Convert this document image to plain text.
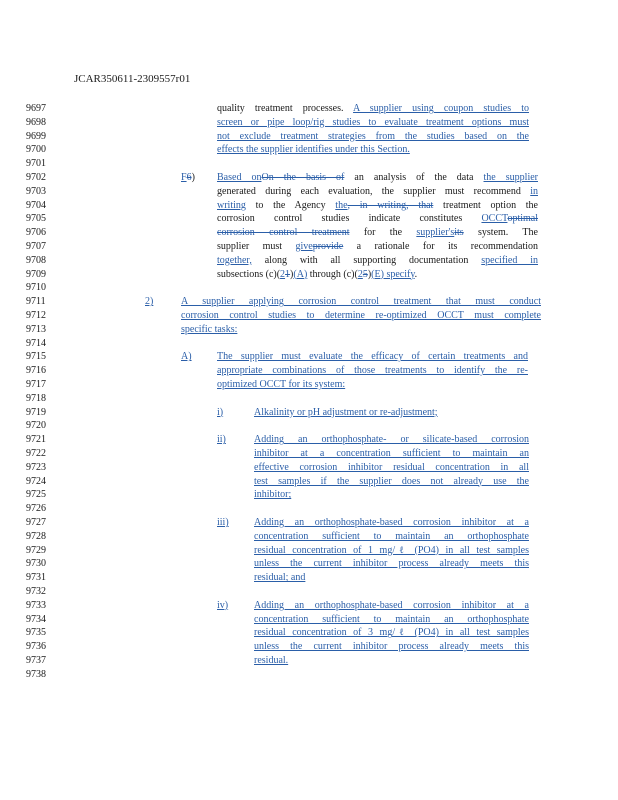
JCAR350611-2309557r01
9697
9698
9699
9700
9701
9702
9703
9704
9705
9706
9707
9708
9709
9710
9711
9712
9713
9714
9715
9716
9717
9718
9719
9720
9721
9722
9723
9724
9725
9726
9727
9728
9729
9730
9731
9732
9733
9734
9735
9736
9737
9738
quality treatment processes. A supplier using coupon studies to
screen or pipe loop/rig studies to evaluate treatment options must
not exclude treatment strategies from the studies based on the
effects the supplier identifies under this Section.
F6) Based onOn the basis of an analysis of the data the supplier
generated during each evaluation, the supplier must recommend in
writing to the Agency the, in writing, that treatment option the
corrosion control studies indicate constitutes OCCToptimal
corrosion control treatment for the supplier'sits system. The
supplier must giveprovide a rationale for its recommendation
together, along with all supporting documentation specified in
subsections (c)(21)(A) through (c)(25)(E) specify.
2)	A supplier applying corrosion control treatment that must conduct
corrosion control studies to determine re-optimized OCCT must complete
specific tasks:
A)	The supplier must evaluate the efficacy of certain treatments and
appropriate combinations of those treatments to identify the re-
optimized OCCT for its system:
i)	Alkalinity or pH adjustment or re-adjustment;
ii)	Adding an orthophosphate- or silicate-based corrosion
inhibitor at a concentration sufficient to maintain an
effective corrosion inhibitor residual concentration in all
test samples if the supplier does not already use the
inhibitor;
iii)	Adding an orthophosphate-based corrosion inhibitor at a
concentration sufficient to maintain an orthophosphate
residual concentration of 1 mg/ℓ (PO4) in all test samples
unless the current inhibitor process already meets this
residual; and
iv)	Adding an orthophosphate-based corrosion inhibitor at a
concentration sufficient to maintain an orthophosphate
residual concentration of 3 mg/ℓ (PO4) in all test samples
unless the current inhibitor process already meets this
residual.
